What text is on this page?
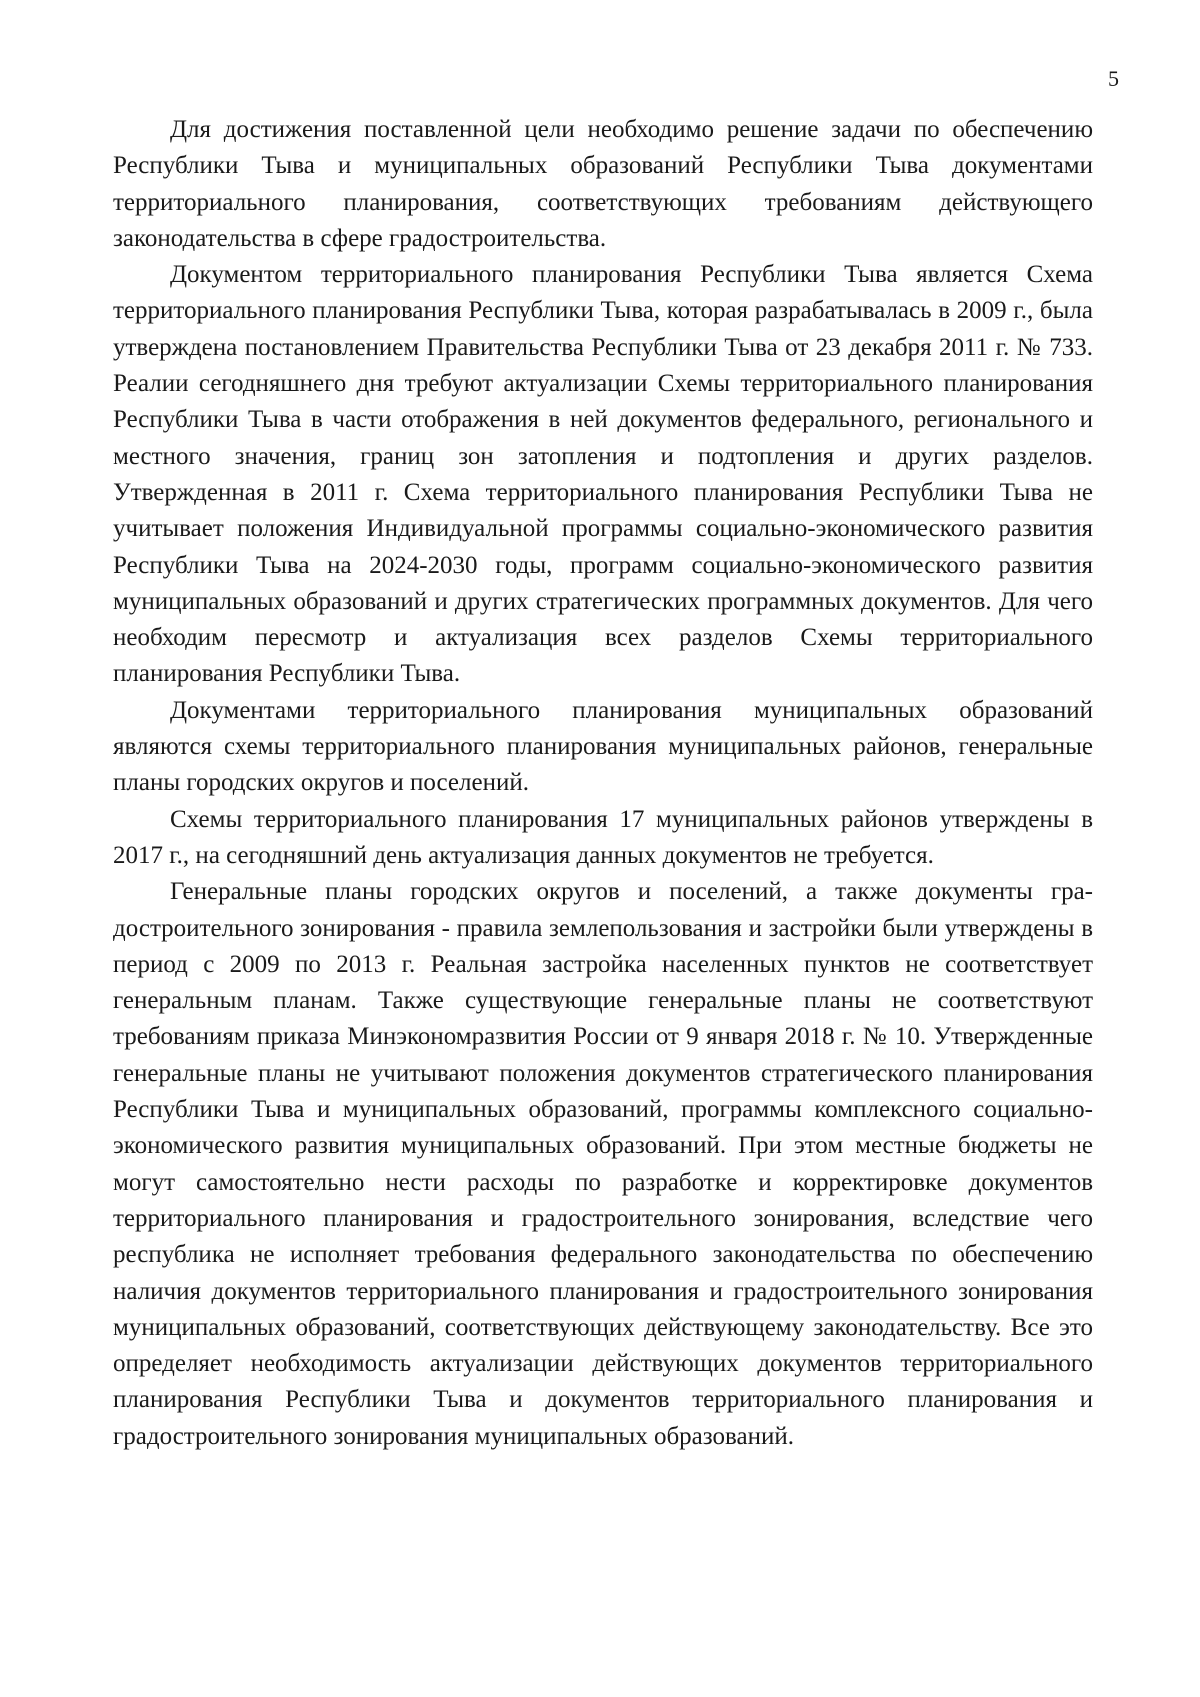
5

Для достижения поставленной цели необходимо решение задачи по обеспечению Республики Тыва и муниципальных образований Республики Тыва документами территориального планирования, соответствующих требованиям действующего законодательства в сфере градостроительства.

Документом территориального планирования Республики Тыва является Схема территориального планирования Республики Тыва, которая разрабатывалась в 2009 г., была утверждена постановлением Правительства Республики Тыва от 23 декабря 2011 г. № 733. Реалии сегодняшнего дня требуют актуализации Схемы территориального планирования Республики Тыва в части отображения в ней документов федерального, регионального и местного значения, границ зон затопления и подтопления и других разделов. Утвержденная в 2011 г. Схема территориального планирования Республики Тыва не учитывает положения Индивидуальной программы социально-экономического развития Республики Тыва на 2024-2030 годы, программ социально-экономического развития муниципальных образований и других стратегических программных документов. Для чего необходим пересмотр и актуализация всех разделов Схемы территориального планирования Республики Тыва.

Документами территориального планирования муниципальных образований являются схемы территориального планирования муниципальных районов, генеральные планы городских округов и поселений.

Схемы территориального планирования 17 муниципальных районов утверждены в 2017 г., на сегодняшний день актуализация данных документов не требуется.

Генеральные планы городских округов и поселений, а также документы градостроительного зонирования - правила землепользования и застройки были утверждены в период с 2009 по 2013 г. Реальная застройка населенных пунктов не соответствует генеральным планам. Также существующие генеральные планы не соответствуют требованиям приказа Минэкономразвития России от 9 января 2018 г. № 10. Утвержденные генеральные планы не учитывают положения документов стратегического планирования Республики Тыва и муниципальных образований, программы комплексного социально-экономического развития муниципальных образований. При этом местные бюджеты не могут самостоятельно нести расходы по разработке и корректировке документов территориального планирования и градостроительного зонирования, вследствие чего республика не исполняет требования федерального законодательства по обеспечению наличия документов территориального планирования и градостроительного зонирования муниципальных образований, соответствующих действующему законодательству. Все это определяет необходимость актуализации действующих документов территориального планирования Республики Тыва и документов территориального планирования и градостроительного зонирования муниципальных образований.
